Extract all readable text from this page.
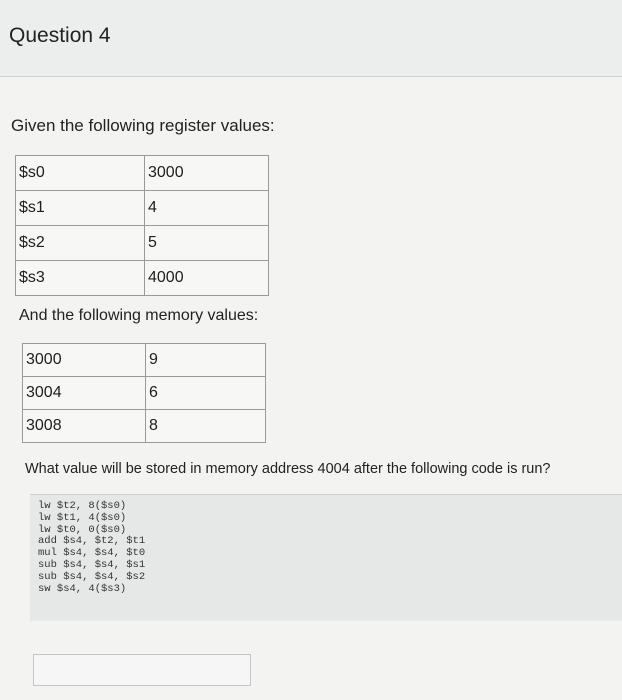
Question 4
Given the following register values:
$s0	3000
$s1	4
$s2	5
$s3	4000
And the following memory values:
3000	9
3004	6
3008	8
What value will be stored in memory address 4004 after the following code is run?
lw $t2, 8($s0)
lw $t1, 4($s0)
lw $t0, 0($s0)
add $s4, $t2, $t1
mul $s4, $s4, $t0
sub $s4, $s4, $s1
sub $s4, $s4, $s2
sw $s4, 4($s3)
